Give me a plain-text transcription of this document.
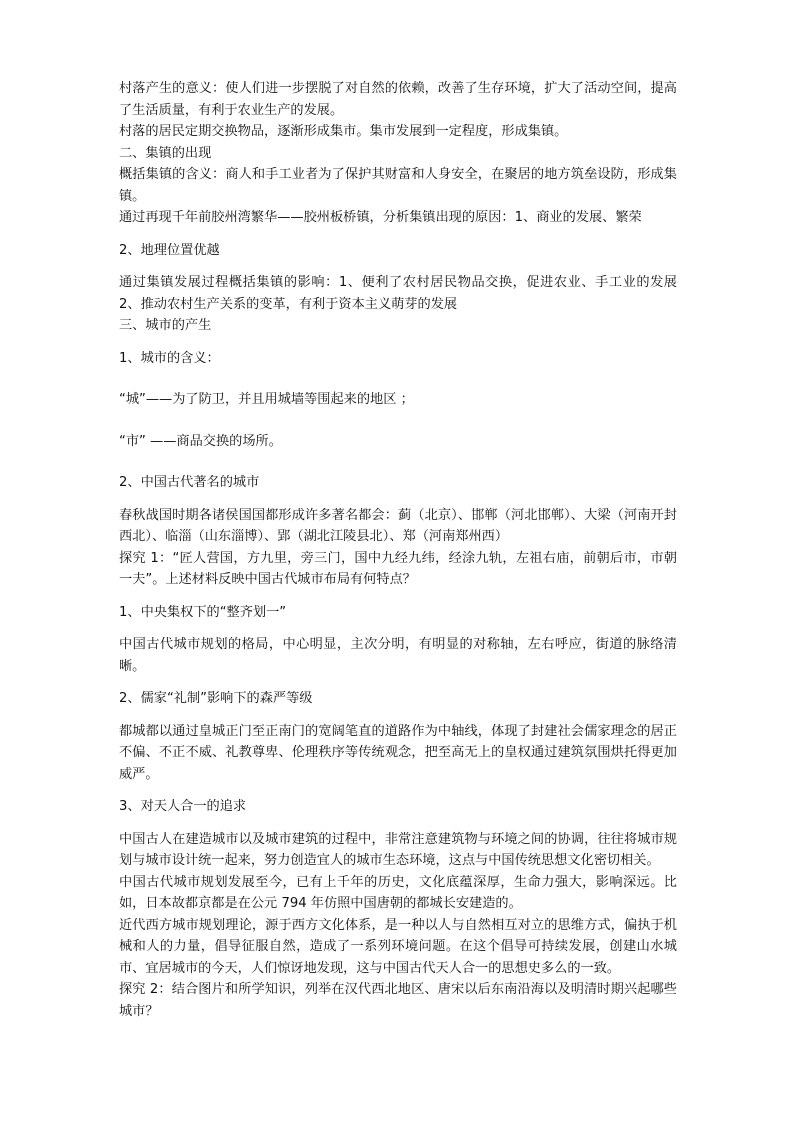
村落产生的意义：使人们进一步摆脱了对自然的依赖，改善了生存环境，扩大了活动空间，提高了生活质量，有利于农业生产的发展。

村落的居民定期交换物品，逐渐形成集市。集市发展到一定程度，形成集镇。

二、集镇的出现

概括集镇的含义：商人和手工业者为了保护其财富和人身安全，在聚居的地方筑垒设防，形成集镇。

通过再现千年前胶州湾繁华——胶州板桥镇，分析集镇出现的原因：1、商业的发展、繁荣

2、地理位置优越

通过集镇发展过程概括集镇的影响：1、便利了农村居民物品交换，促进农业、手工业的发展 2、推动农村生产关系的变革，有利于资本主义萌芽的发展

三、城市的产生

1、城市的含义：

“城”——为了防卫，并且用城墙等围起来的地区 ；

“市” ——商品交换的场所。

2、中国古代著名的城市

春秋战国时期各诸侯国国都形成许多著名都会：蓟（北京）、邯郸（河北邯郸）、大梁（河南开封西北）、临淄（山东淄博）、郢（湖北江陵县北）、郑（河南郑州西）

探究 1：“匠人营国，方九里，旁三门，国中九经九纬，经涂九轨，左祖右庙，前朝后市，市朝一夫”。上述材料反映中国古代城市布局有何特点？

1、中央集权下的“整齐划一”

中国古代城市规划的格局，中心明显，主次分明，有明显的对称轴，左右呼应，街道的脉络清晰。

2、儒家“礼制”影响下的森严等级

都城都以通过皇城正门至正南门的宽阔笔直的道路作为中轴线，体现了封建社会儒家理念的居正不偏、不正不威、礼教尊卑、伦理秩序等传统观念，把至高无上的皇权通过建筑氛围烘托得更加威严。

3、对天人合一的追求

中国古人在建造城市以及城市建筑的过程中，非常注意建筑物与环境之间的协调，往往将城市规划与城市设计统一起来，努力创造宜人的城市生态环境，这点与中国传统思想文化密切相关。

中国古代城市规划发展至今，已有上千年的历史，文化底蕴深厚，生命力强大，影响深远。比如，日本故都京都是在公元 794 年仿照中国唐朝的都城长安建造的。

近代西方城市规划理论，源于西方文化体系，是一种以人与自然相互对立的思维方式，偏执于机械和人的力量，倡导征服自然，造成了一系列环境问题。在这个倡导可持续发展，创建山水城市、宜居城市的今天，人们惊讶地发现，这与中国古代天人合一的思想史多么的一致。

探究 2：结合图片和所学知识，列举在汉代西北地区、唐宋以后东南沿海以及明清时期兴起哪些城市？
